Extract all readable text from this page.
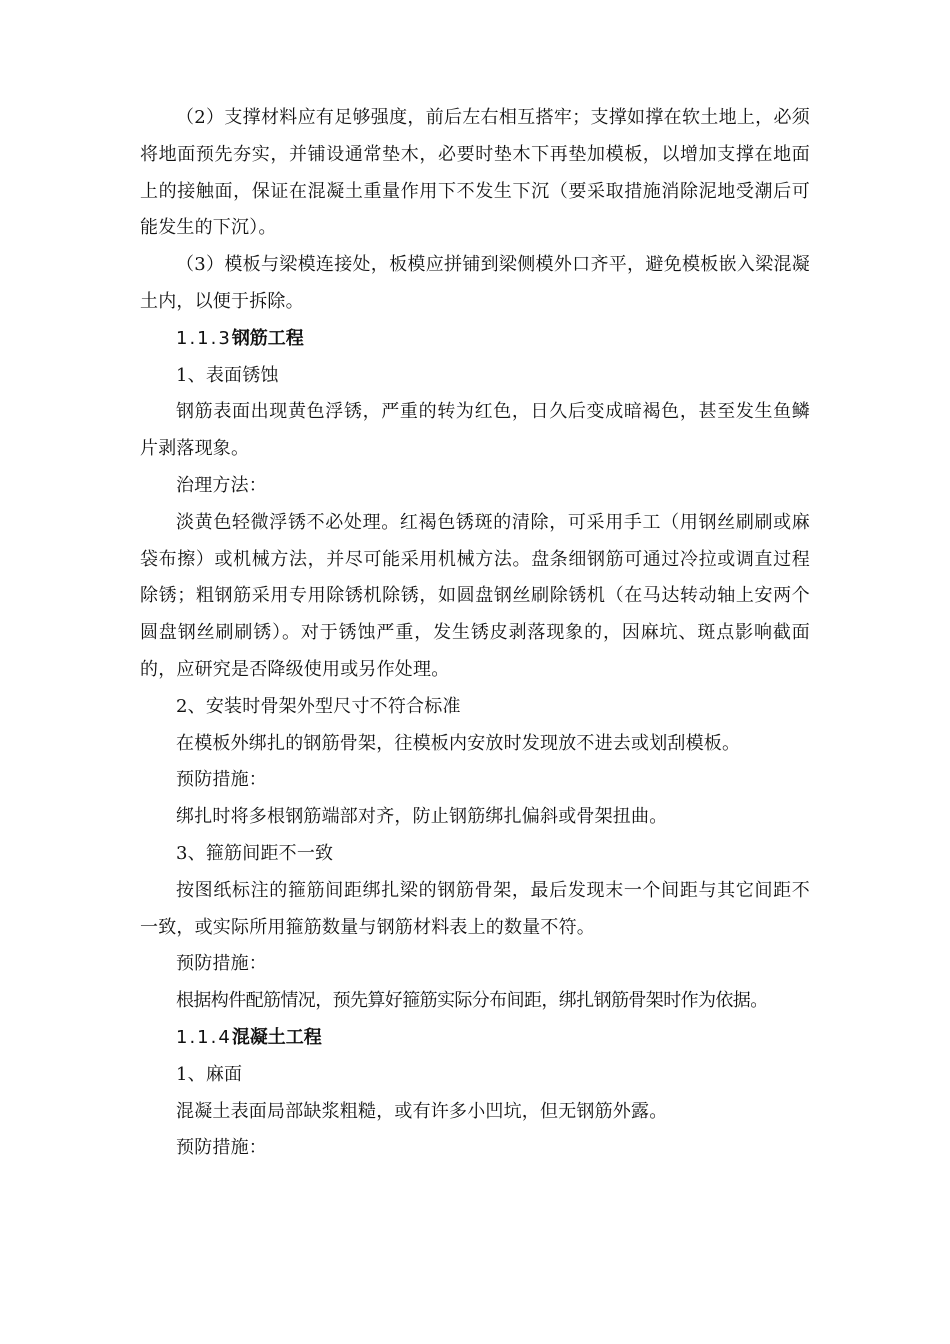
（2）支撑材料应有足够强度，前后左右相互搭牢；支撑如撑在软土地上，必须将地面预先夯实，并铺设通常垫木，必要时垫木下再垫加模板，以增加支撑在地面上的接触面，保证在混凝土重量作用下不发生下沉（要采取措施消除泥地受潮后可能发生的下沉）。

（3）模板与梁模连接处，板模应拼铺到梁侧模外口齐平，避免模板嵌入梁混凝土内，以便于拆除。

1.1.3钢筋工程

1、表面锈蚀

钢筋表面出现黄色浮锈，严重的转为红色，日久后变成暗褐色，甚至发生鱼鳞片剥落现象。

治理方法：

淡黄色轻微浮锈不必处理。红褐色锈斑的清除，可采用手工（用钢丝刷刷或麻袋布擦）或机械方法，并尽可能采用机械方法。盘条细钢筋可通过冷拉或调直过程除锈；粗钢筋采用专用除锈机除锈，如圆盘钢丝刷除锈机（在马达转动轴上安两个圆盘钢丝刷刷锈）。对于锈蚀严重，发生锈皮剥落现象的，因麻坑、斑点影响截面的，应研究是否降级使用或另作处理。

2、安装时骨架外型尺寸不符合标准

在模板外绑扎的钢筋骨架，往模板内安放时发现放不进去或划刮模板。

预防措施：

绑扎时将多根钢筋端部对齐，防止钢筋绑扎偏斜或骨架扭曲。

3、箍筋间距不一致

按图纸标注的箍筋间距绑扎梁的钢筋骨架，最后发现末一个间距与其它间距不一致，或实际所用箍筋数量与钢筋材料表上的数量不符。

预防措施：

根据构件配筋情况，预先算好箍筋实际分布间距，绑扎钢筋骨架时作为依据。

1.1.4混凝土工程

1、麻面

混凝土表面局部缺浆粗糙，或有许多小凹坑，但无钢筋外露。

预防措施：
